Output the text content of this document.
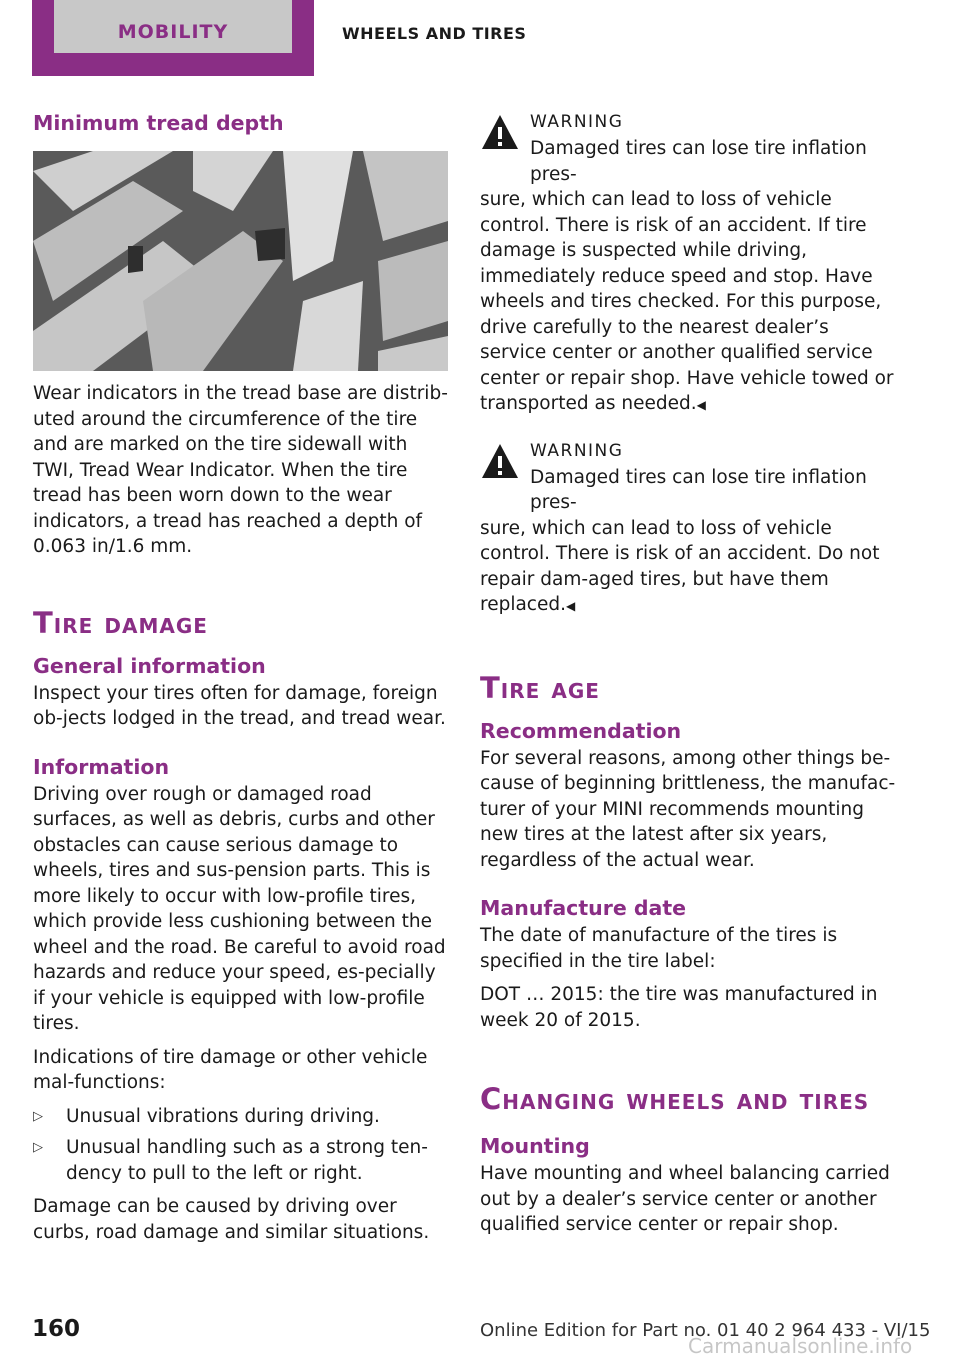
MOBILITY	WHEELS AND TIRES
Minimum tread depth

Wear indicators in the tread base are distrib‐uted around the circumference of the tire and are marked on the tire sidewall with TWI, Tread Wear Indicator. When the tire tread has been worn down to the wear indicators, a tread has reached a depth of 0.063 in/1.6 mm.

Tire damage
General information

Inspect your tires often for damage, foreign ob‐jects lodged in the tread, and tread wear.

Information

Driving over rough or damaged road surfaces, as well as debris, curbs and other obstacles can cause serious damage to wheels, tires and sus‐pension parts. This is more likely to occur with low-profile tires, which provide less cushioning between the wheel and the road. Be careful to avoid road hazards and reduce your speed, es‐pecially if your vehicle is equipped with low-profile tires.

Indications of tire damage or other vehicle mal‐functions:

▷ Unusual vibrations during driving.
▷ Unusual handling such as a strong ten‐dency to pull to the left or right.

Damage can be caused by driving over curbs, road damage and similar situations.

WARNING
Damaged tires can lose tire inflation pres‐
sure, which can lead to loss of vehicle control. There is risk of an accident. If tire damage is suspected while driving, immediately reduce speed and stop. Have wheels and tires checked. For this purpose, drive carefully to the nearest dealer’s service center or another qualified service center or repair shop. Have vehicle towed or transported as needed.◀
WARNING
Damaged tires can lose tire inflation pres‐
sure, which can lead to loss of vehicle control. There is risk of an accident. Do not repair dam‐aged tires, but have them replaced.◀
Tire age
Recommendation

For several reasons, among other things be‐cause of beginning brittleness, the manufac‐turer of your MINI recommends mounting new tires at the latest after six years, regardless of the actual wear.

Manufacture date

The date of manufacture of the tires is specified in the tire label:

DOT … 2015: the tire was manufactured in week 20 of 2015.

Changing wheels and tires
Mounting

Have mounting and wheel balancing carried out by a dealer’s service center or another qualified service center or repair shop.

160	Online Edition for Part no. 01 40 2 964 433 - VI/15
Carmanualsonline.info
